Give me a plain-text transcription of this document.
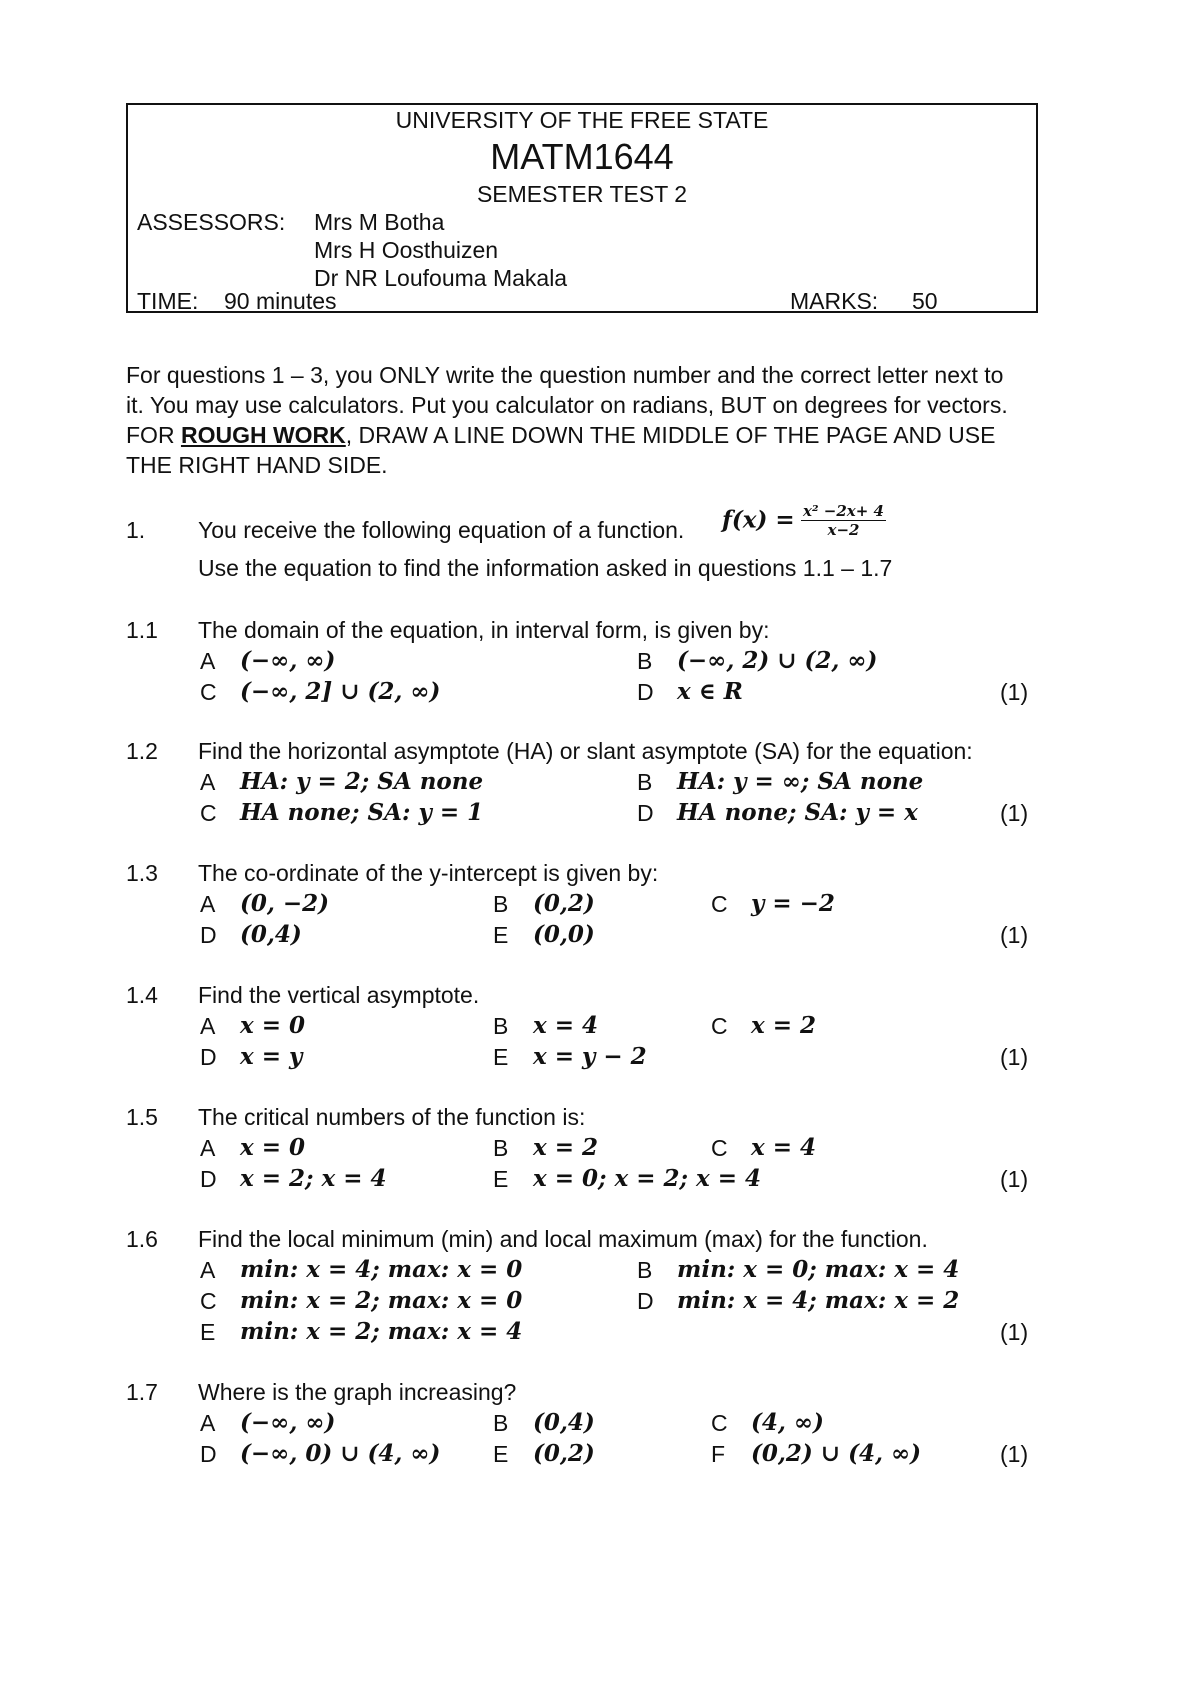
UNIVERSITY OF THE FREE STATE
MATM1644
SEMESTER TEST 2
ASSESSORS: Mrs M Botha
Mrs H Oosthuizen
Dr NR Loufouma Makala
TIME: 90 minutes	MARKS: 50

For questions 1 – 3, you ONLY write the question number and the correct letter next to

it. You may use calculators. Put you calculator on radians, BUT on degrees for vectors.

FOR ROUGH WORK, DRAW A LINE DOWN THE MIDDLE OF THE PAGE AND USE

THE RIGHT HAND SIDE.

1. You receive the following equation of a function. $f(x) = \frac{\text{x² −2x+ 4}}{x-2}$
Use the equation to find the information asked in questions 1.1 – 1.7
1.1 The domain of the equation, in interval form, is given by:
A (−∞, ∞)	B (−∞, 2) ∪ (2, ∞)
C (−∞, 2] ∪ (2, ∞)	D x ∈ R	(1)
1.2 Find the horizontal asymptote (HA) or slant asymptote (SA) for the equation:
A HA: y = 2; SA none	B HA: y = ∞; SA none
C HA none; SA: y = 1	D HA none; SA: y = x	(1)
1.3 The co-ordinate of the y-intercept is given by:
A (0, −2)	B (0,2)	C y = −2
D (0,4)	E (0,0)	(1)
1.4 Find the vertical asymptote.
A x = 0	B x = 4	C x = 2
D x = y	E x = y − 2	(1)
1.5 The critical numbers of the function is:
A x = 0	B x = 2	C x = 4
D x = 2; x = 4	E x = 0; x = 2; x = 4	(1)
1.6 Find the local minimum (min) and local maximum (max) for the function.
A min: x = 4; max: x = 0	B min: x = 0; max: x = 4
C min: x = 2; max: x = 0	D min: x = 4; max: x = 2
E min: x = 2; max: x = 4	(1)
1.7 Where is the graph increasing?
A (−∞, ∞)	B (0,4)	C (4, ∞)
D (−∞, 0) ∪ (4, ∞) E (0,2)	F (0,2) ∪ (4, ∞)	(1)
